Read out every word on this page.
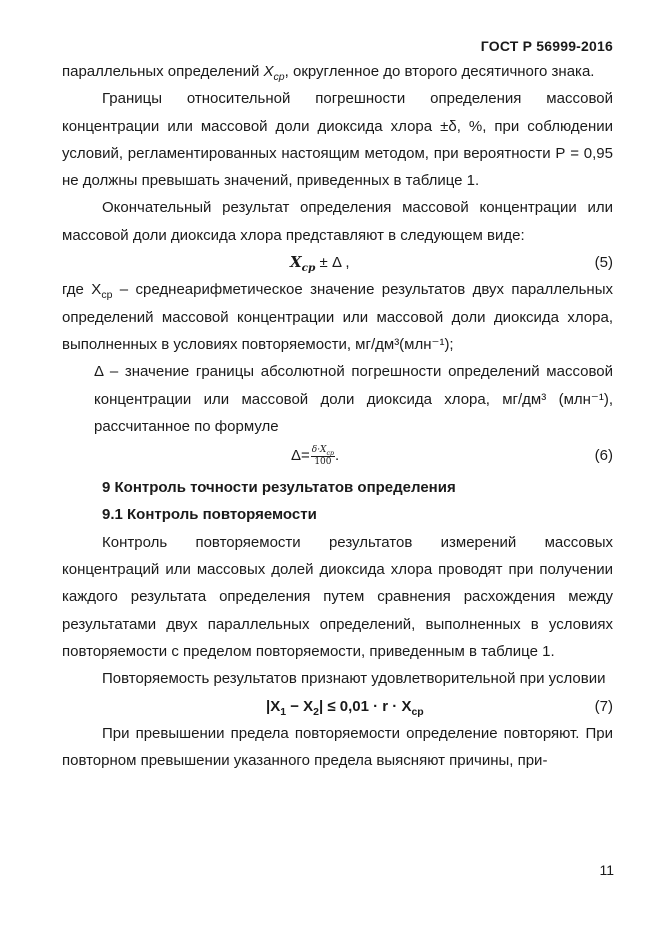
ГОСТ Р 56999-2016

параллельных определений $X_{ср}$, округленное до второго десятичного знака.

Границы относительной погрешности определения массовой концентрации или массовой доли диоксида хлора ±δ, %, при соблюдении условий, регламентированных настоящим методом, при вероятности Р = 0,95 не должны превышать значений, приведенных в таблице 1.

Окончательный результат определения массовой концентрации или массовой доли диоксида хлора представляют в следующем виде:

$X_{ср} \pm \Delta$ ,	(5)

где $X_{ср}$ – среднеарифметическое значение результатов двух параллельных определений массовой концентрации или массовой доли диоксида хлора, выполненных в условиях повторяемости, мг/дм³(млн⁻¹);

Δ – значение границы абсолютной погрешности определений массовой концентрации или массовой доли диоксида хлора, мг/дм³ (млн⁻¹), рассчитанное по формуле

$\Delta= \frac{\delta\cdot X_{ср}}{100}$ .	(6)

9 Контроль точности результатов определения

9.1 Контроль повторяемости

Контроль повторяемости результатов измерений массовых концентраций или массовых долей диоксида хлора проводят при получении каждого результата определения путем сравнения расхождения между результатами двух параллельных определений, выполненных в условиях повторяемости с пределом повторяемости, приведенным в таблице 1.

Повторяемость результатов признают удовлетворительной при условии

$|X_1 - X_2| \le 0,01 \cdot r \cdot X_{ср}$	(7)

При превышении предела повторяемости определение повторяют. При повторном превышении указанного предела выясняют причины, при-

11
